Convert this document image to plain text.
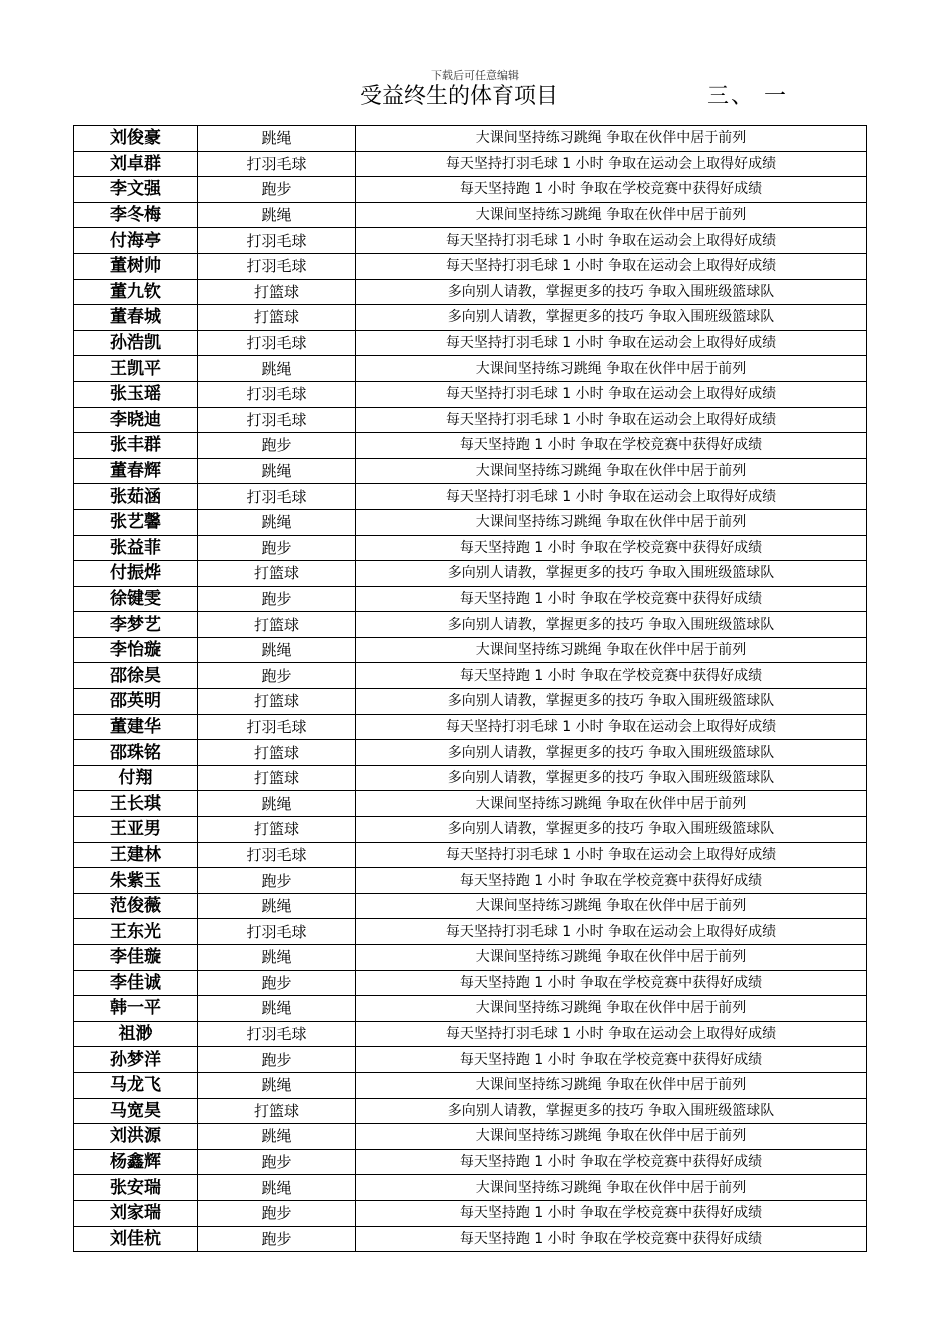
下载后可任意编辑
受益终生的体育项目	三、 一
刘俊豪	跳绳	大课间坚持练习跳绳 争取在伙伴中居于前列
刘卓群	打羽毛球	每天坚持打羽毛球 1 小时 争取在运动会上取得好成绩
李文强	跑步	每天坚持跑 1 小时 争取在学校竞赛中获得好成绩
李冬梅	跳绳	大课间坚持练习跳绳 争取在伙伴中居于前列
付海亭	打羽毛球	每天坚持打羽毛球 1 小时 争取在运动会上取得好成绩
董树帅	打羽毛球	每天坚持打羽毛球 1 小时 争取在运动会上取得好成绩
董九钦	打篮球	多向别人请教，掌握更多的技巧 争取入围班级篮球队
董春城	打篮球	多向别人请教，掌握更多的技巧 争取入围班级篮球队
孙浩凯	打羽毛球	每天坚持打羽毛球 1 小时 争取在运动会上取得好成绩
王凯平	跳绳	大课间坚持练习跳绳 争取在伙伴中居于前列
张玉瑶	打羽毛球	每天坚持打羽毛球 1 小时 争取在运动会上取得好成绩
李晓迪	打羽毛球	每天坚持打羽毛球 1 小时 争取在运动会上取得好成绩
张丰群	跑步	每天坚持跑 1 小时 争取在学校竞赛中获得好成绩
董春辉	跳绳	大课间坚持练习跳绳 争取在伙伴中居于前列
张茹涵	打羽毛球	每天坚持打羽毛球 1 小时 争取在运动会上取得好成绩
张艺馨	跳绳	大课间坚持练习跳绳 争取在伙伴中居于前列
张益菲	跑步	每天坚持跑 1 小时 争取在学校竞赛中获得好成绩
付振烨	打篮球	多向别人请教，掌握更多的技巧 争取入围班级篮球队
徐键雯	跑步	每天坚持跑 1 小时 争取在学校竞赛中获得好成绩
李梦艺	打篮球	多向别人请教，掌握更多的技巧 争取入围班级篮球队
李怡璇	跳绳	大课间坚持练习跳绳 争取在伙伴中居于前列
邵徐昊	跑步	每天坚持跑 1 小时 争取在学校竞赛中获得好成绩
邵英明	打篮球	多向别人请教，掌握更多的技巧 争取入围班级篮球队
董建华	打羽毛球	每天坚持打羽毛球 1 小时 争取在运动会上取得好成绩
邵珠铭	打篮球	多向别人请教，掌握更多的技巧 争取入围班级篮球队
付翔	打篮球	多向别人请教，掌握更多的技巧 争取入围班级篮球队
王长琪	跳绳	大课间坚持练习跳绳 争取在伙伴中居于前列
王亚男	打篮球	多向别人请教，掌握更多的技巧 争取入围班级篮球队
王建林	打羽毛球	每天坚持打羽毛球 1 小时 争取在运动会上取得好成绩
朱紫玉	跑步	每天坚持跑 1 小时 争取在学校竞赛中获得好成绩
范俊薇	跳绳	大课间坚持练习跳绳 争取在伙伴中居于前列
王东光	打羽毛球	每天坚持打羽毛球 1 小时 争取在运动会上取得好成绩
李佳璇	跳绳	大课间坚持练习跳绳 争取在伙伴中居于前列
李佳诚	跑步	每天坚持跑 1 小时 争取在学校竞赛中获得好成绩
韩一平	跳绳	大课间坚持练习跳绳 争取在伙伴中居于前列
祖渺	打羽毛球	每天坚持打羽毛球 1 小时 争取在运动会上取得好成绩
孙梦洋	跑步	每天坚持跑 1 小时 争取在学校竞赛中获得好成绩
马龙飞	跳绳	大课间坚持练习跳绳 争取在伙伴中居于前列
马宽昊	打篮球	多向别人请教，掌握更多的技巧 争取入围班级篮球队
刘洪源	跳绳	大课间坚持练习跳绳 争取在伙伴中居于前列
杨鑫辉	跑步	每天坚持跑 1 小时 争取在学校竞赛中获得好成绩
张安瑞	跳绳	大课间坚持练习跳绳 争取在伙伴中居于前列
刘家瑞	跑步	每天坚持跑 1 小时 争取在学校竞赛中获得好成绩
刘佳杭	跑步	每天坚持跑 1 小时 争取在学校竞赛中获得好成绩
